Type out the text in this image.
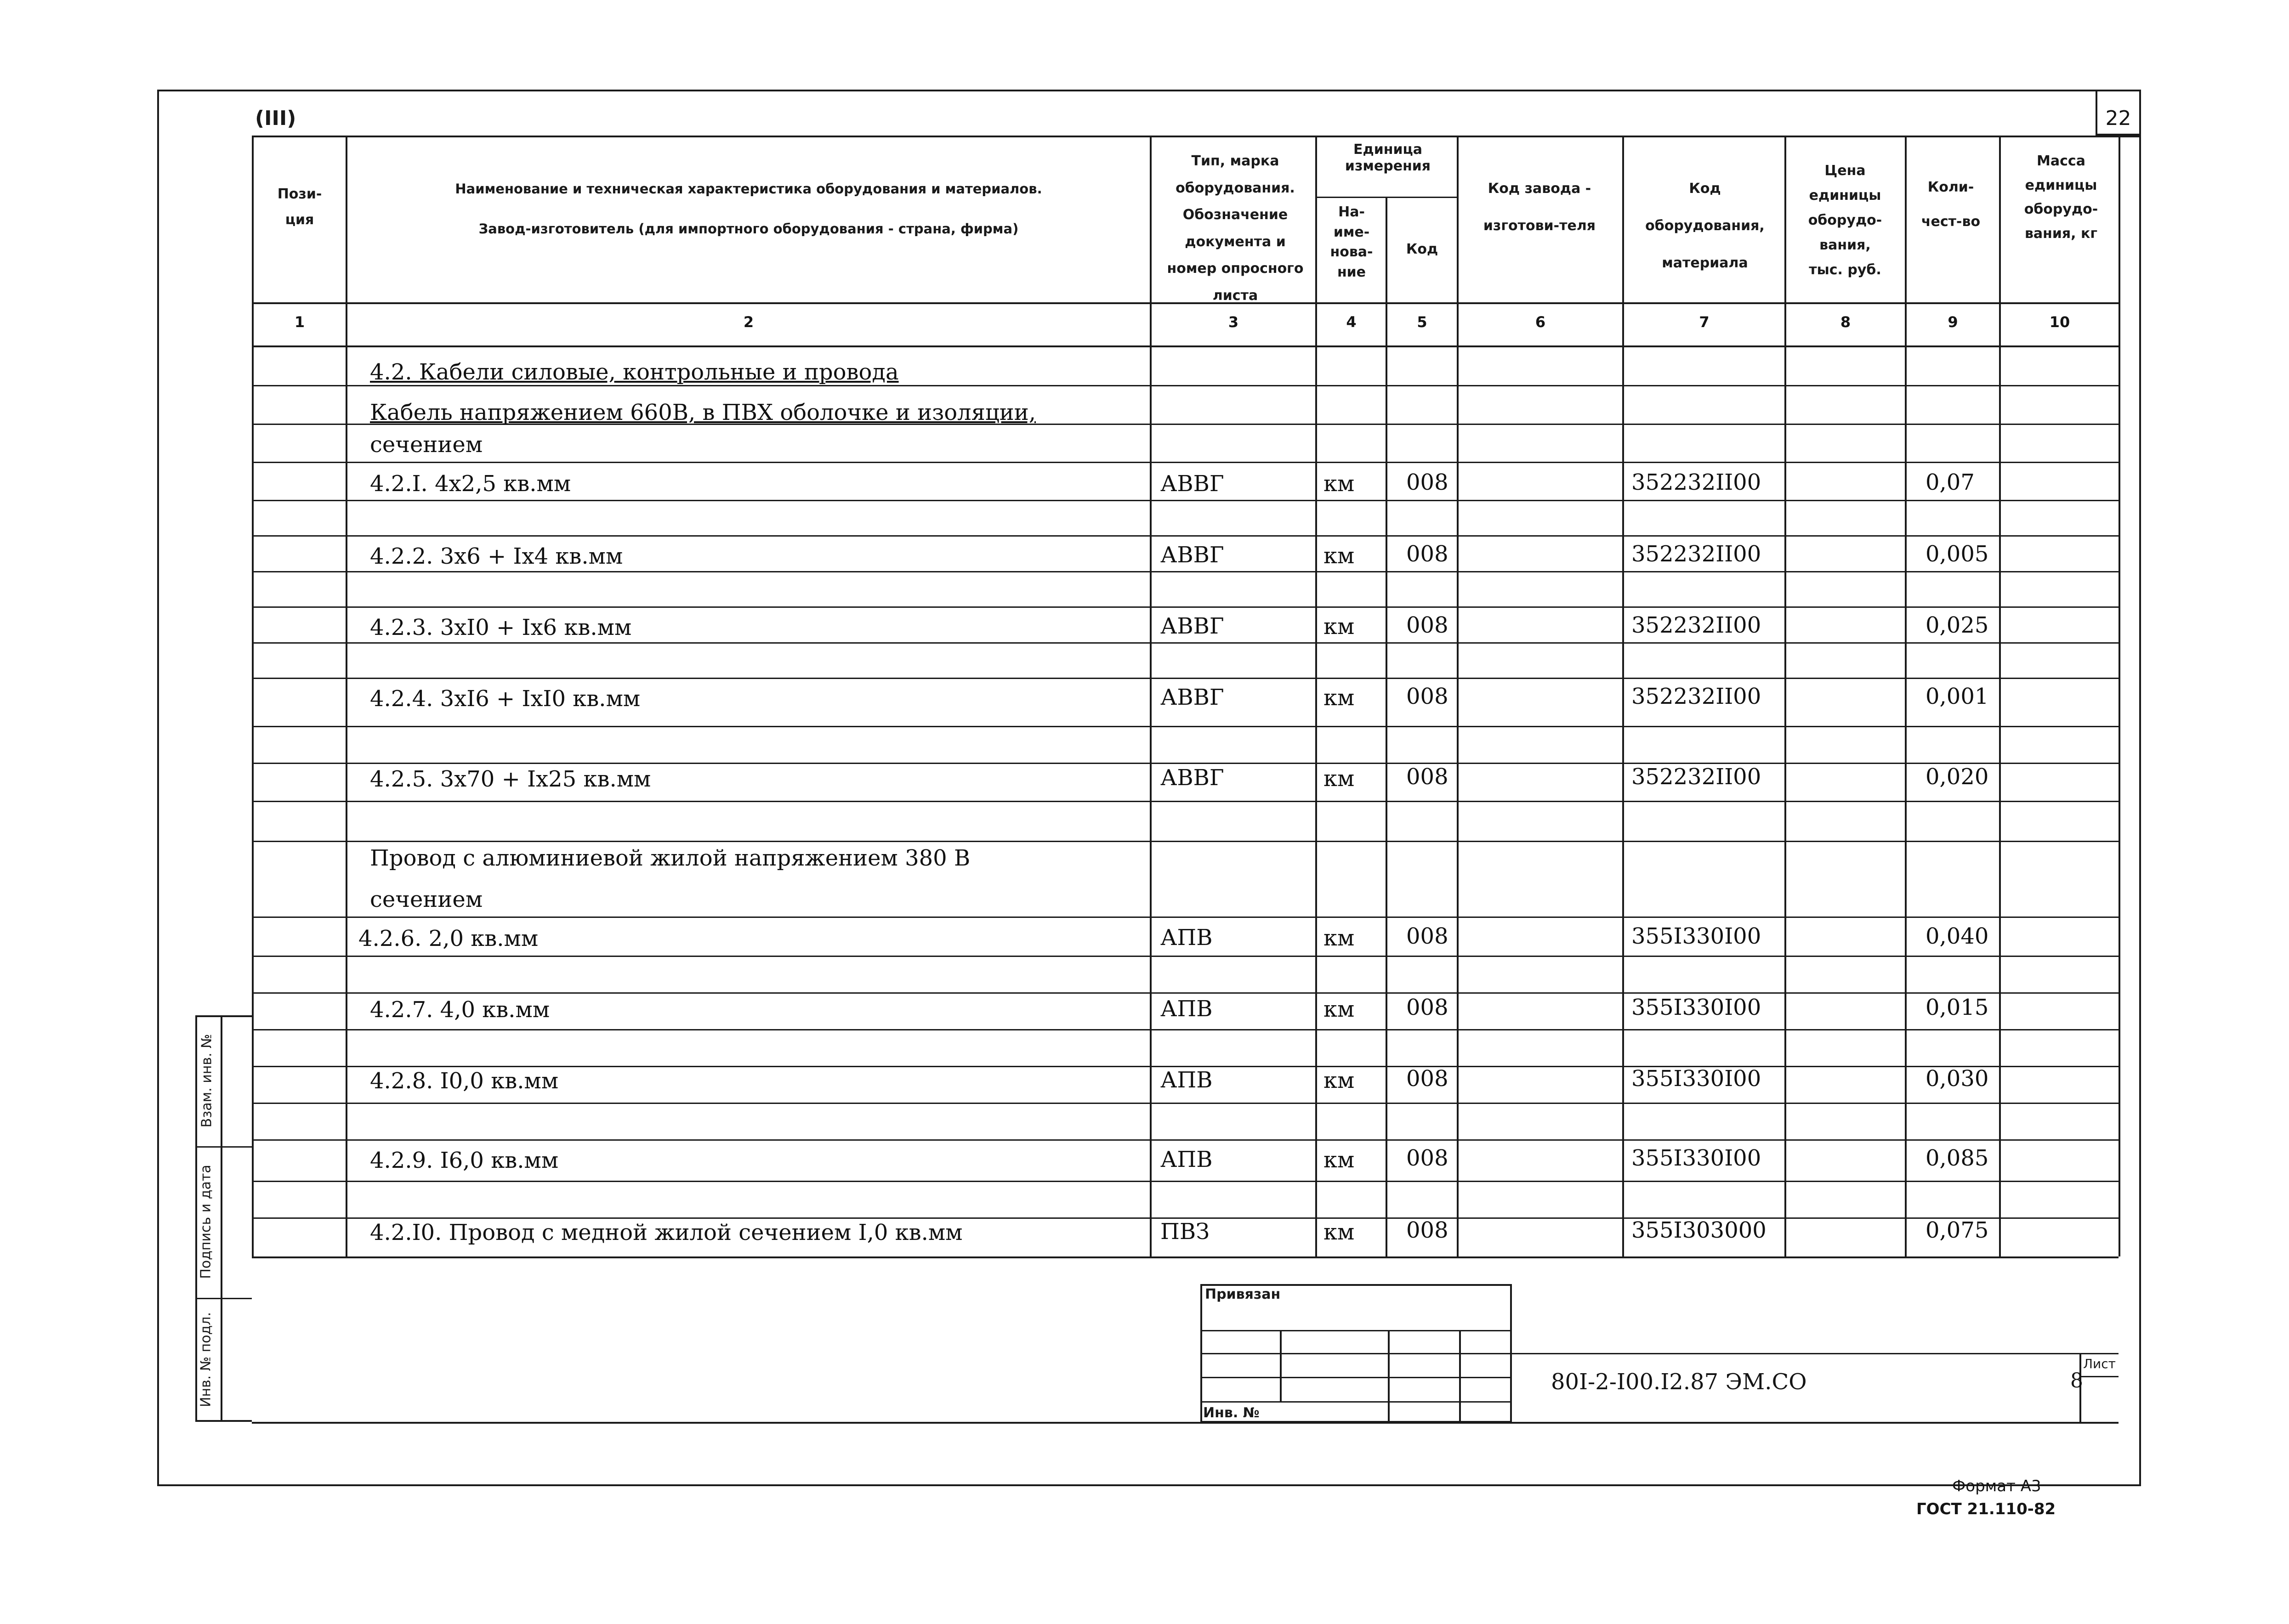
(III)	22
Пози-
ция
Наименование и техническая характеристика оборудования и материалов.
Завод-изготовитель (для импортного оборудования - страна, фирма)
Тип, марка оборудования. Обозначение документа и номер опросного листа
Единица измерения
На-име-нова-ние
Код
Код завода - изготови-теля
Код оборудования, материала
Цена единицы оборудо-вания, тыс. руб.
Коли-чест-во
Масса единицы оборудо-вания, кг
1	2	3	4	5	6	7	8	9	10
4.2. Кабели силовые, контрольные и провода
Кабель напряжением 660В, в ПВХ оболочке и изоляции,
сечением
4.2.I. 4x2,5 кв.мм	АВВГ	км 008	352232II00	0,07
4.2.2. 3x6 + Ix4 кв.мм	АВВГ	км 008	352232II00	0,005
4.2.3. 3xI0 + Ix6 кв.мм	АВВГ	км 008	352232II00	0,025
4.2.4. 3xI6 + IxI0 кв.мм	АВВГ	км 008	352232II00	0,001
4.2.5. 3x70 + Ix25 кв.мм	АВВГ	км 008	352232II00	0,020
Провод с алюминиевой жилой напряжением 380 В
сечением
4.2.6. 2,0 кв.мм	АПВ	км 008	355I330I00	0,040
4.2.7. 4,0 кв.мм	АПВ	км 008	355I330I00	0,015
4.2.8. I0,0 кв.мм	АПВ	км 008	355I330I00	0,030
4.2.9. I6,0 кв.мм	АПВ	км 008	355I330I00	0,085
4.2.I0. Провод с медной жилой сечением I,0 кв.мм	ПВЗ	км 008	355I303000	0,075
Взам. инв. №
Подпись и дата
Инв. № подл.
Привязан
Инв. №
80I-2-I00.I2.87 ЭМ.СО
Лист
8
Формат А3
ГОСТ 21.110-82
